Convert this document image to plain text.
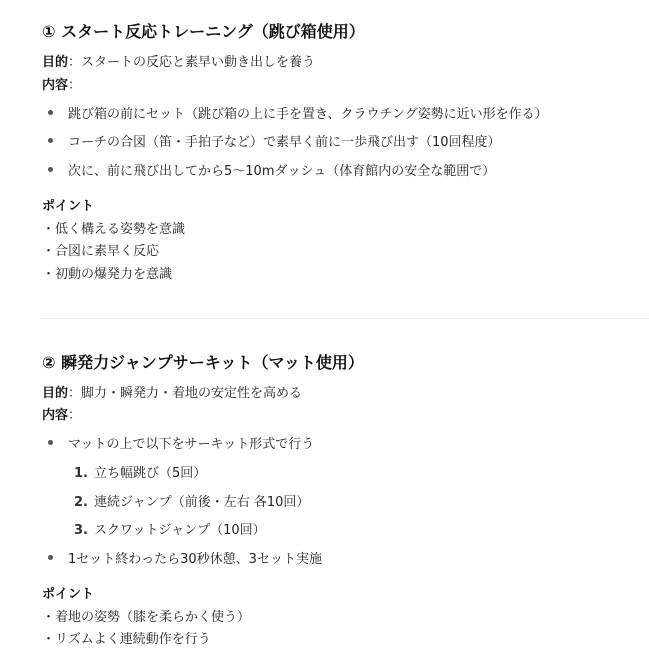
① スタート反応トレーニング（跳び箱使用）
目的：スタートの反応と素早い動き出しを養う
内容：
跳び箱の前にセット（跳び箱の上に手を置き、クラウチング姿勢に近い形を作る）
コーチの合図（笛・手拍子など）で素早く前に一歩飛び出す（10回程度）
次に、前に飛び出してから5〜10mダッシュ（体育館内の安全な範囲で）
ポイント
・低く構える姿勢を意識
・合図に素早く反応
・初動の爆発力を意識
② 瞬発力ジャンプサーキット（マット使用）
目的：脚力・瞬発力・着地の安定性を高める
内容：
マットの上で以下をサーキット形式で行う
1. 立ち幅跳び（5回）
2. 連続ジャンプ（前後・左右 各10回）
3. スクワットジャンプ（10回）
1セット終わったら30秒休憩、3セット実施
ポイント
・着地の姿勢（膝を柔らかく使う）
・リズムよく連続動作を行う
